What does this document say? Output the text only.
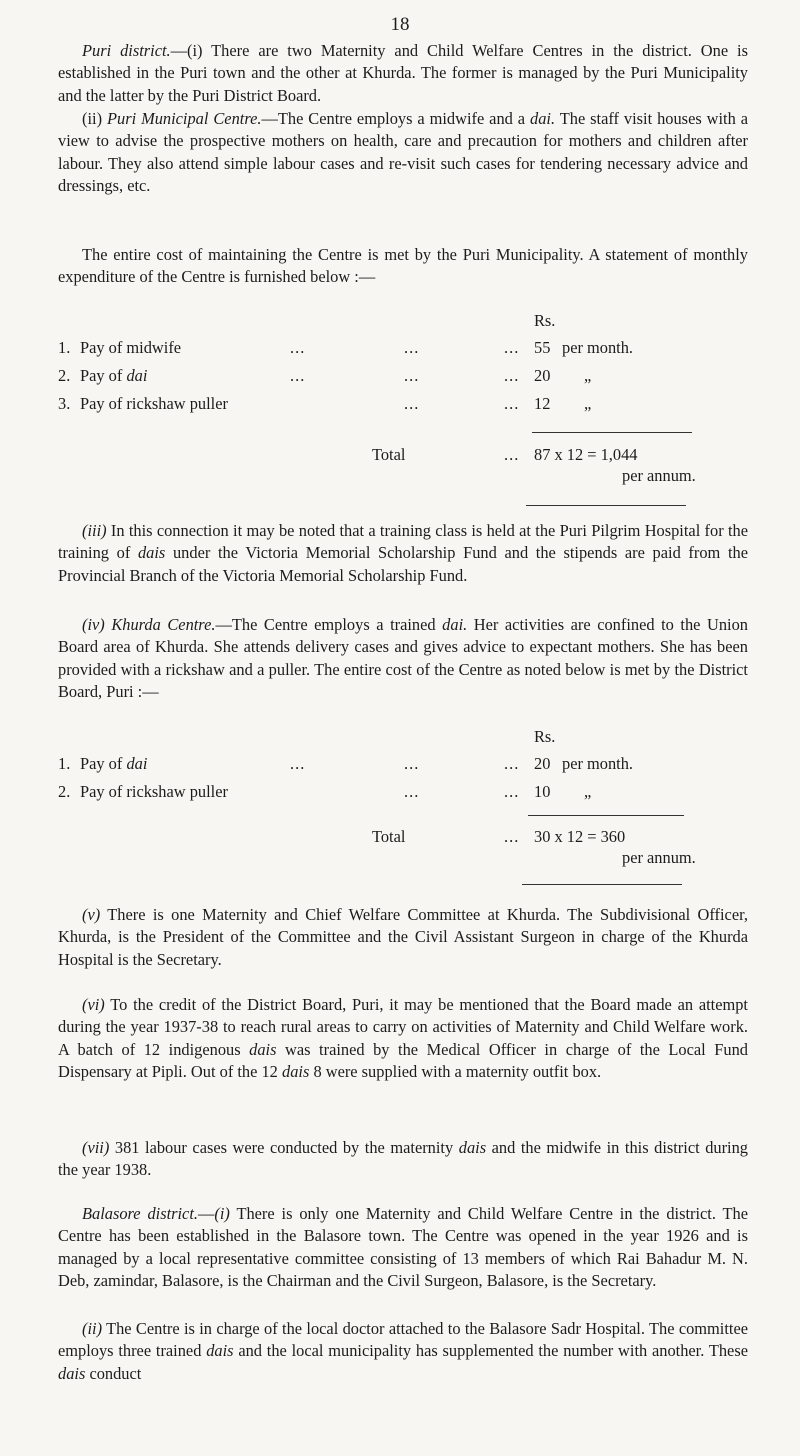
18

Puri district.—(i) There are two Maternity and Child Welfare Centres in the district. One is established in the Puri town and the other at Khurda. The former is managed by the Puri Municipality and the latter by the Puri District Board.

(ii) Puri Municipal Centre.—The Centre employs a midwife and a dai. The staff visit houses with a view to advise the prospective mothers on health, care and precaution for mothers and children after labour. They also attend simple labour cases and re-visit such cases for tendering necessary advice and dressings, etc.

The entire cost of maintaining the Centre is met by the Puri Municipality. A statement of monthly expenditure of the Centre is furnished below :—

Rs.
1. Pay of midwife	...	...	... 55 per month.
2. Pay of dai	...	...	... 20 „
3. Pay of rickshaw puller	...	... 12 „
Total	... 87 x 12 = 1,044
per annum.

(iii) In this connection it may be noted that a training class is held at the Puri Pilgrim Hospital for the training of dais under the Victoria Memorial Scholarship Fund and the stipends are paid from the Provincial Branch of the Victoria Memorial Scholarship Fund.

(iv) Khurda Centre.—The Centre employs a trained dai. Her activities are confined to the Union Board area of Khurda. She attends delivery cases and gives advice to expectant mothers. She has been provided with a rickshaw and a puller. The entire cost of the Centre as noted below is met by the District Board, Puri :—

Rs.
1. Pay of dai	...	...	... 20 per month.
2. Pay of rickshaw puller	...	... 10 „
Total	... 30 x 12 = 360
per annum.

(v) There is one Maternity and Chief Welfare Committee at Khurda. The Subdivisional Officer, Khurda, is the President of the Committee and the Civil Assistant Surgeon in charge of the Khurda Hospital is the Secretary.

(vi) To the credit of the District Board, Puri, it may be mentioned that the Board made an attempt during the year 1937-38 to reach rural areas to carry on activities of Maternity and Child Welfare work. A batch of 12 indigenous dais was trained by the Medical Officer in charge of the Local Fund Dispensary at Pipli. Out of the 12 dais 8 were supplied with a maternity outfit box.

(vii) 381 labour cases were conducted by the maternity dais and the midwife in this district during the year 1938.

Balasore district.—(i) There is only one Maternity and Child Welfare Centre in the district. The Centre has been established in the Balasore town. The Centre was opened in the year 1926 and is managed by a local representative committee consisting of 13 members of which Rai Bahadur M. N. Deb, zamindar, Balasore, is the Chairman and the Civil Surgeon, Balasore, is the Secretary.

(ii) The Centre is in charge of the local doctor attached to the Balasore Sadr Hospital. The committee employs three trained dais and the local municipality has supplemented the number with another. These dais conduct
